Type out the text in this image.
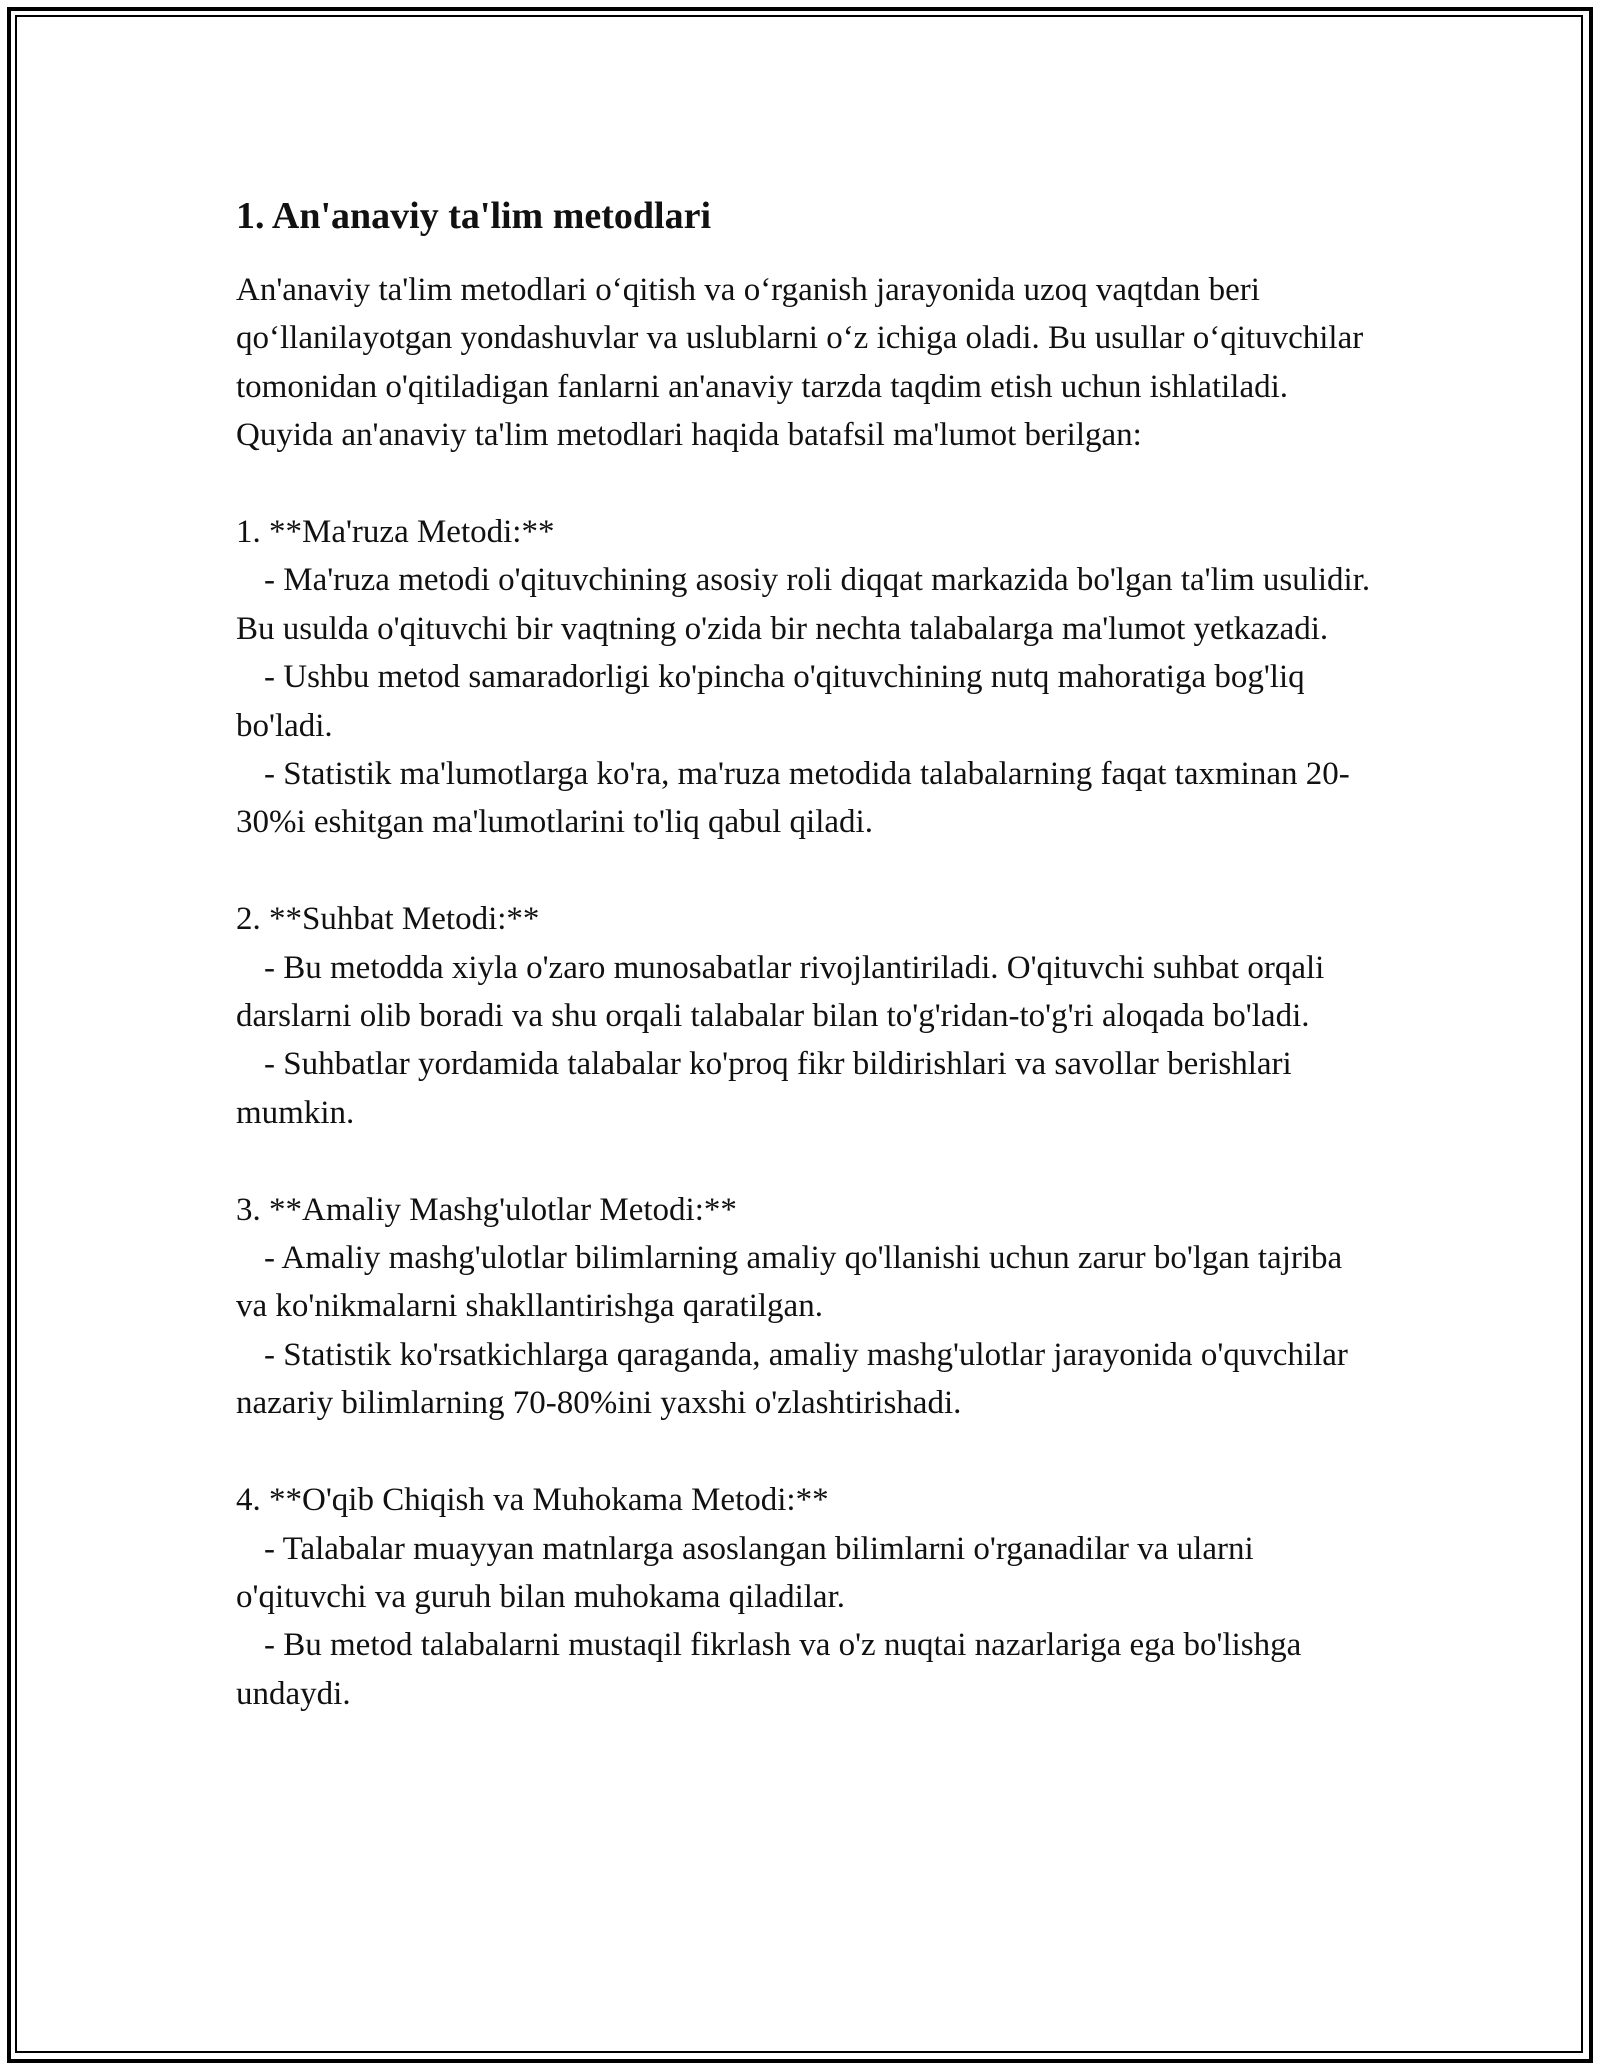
1. An'anaviy ta'lim metodlari

An'anaviy ta'lim metodlari o‘qitish va o‘rganish jarayonida uzoq vaqtdan beri qo‘llanilayotgan yondashuvlar va uslublarni o‘z ichiga oladi. Bu usullar o‘qituvchilar tomonidan o'qitiladigan fanlarni an'anaviy tarzda taqdim etish uchun ishlatiladi. Quyida an'anaviy ta'lim metodlari haqida batafsil ma'lumot berilgan:

1. **Ma'ruza Metodi:**

- Ma'ruza metodi o'qituvchining asosiy roli diqqat markazida bo'lgan ta'lim usulidir. Bu usulda o'qituvchi bir vaqtning o'zida bir nechta talabalarga ma'lumot yetkazadi.

- Ushbu metod samaradorligi ko'pincha o'qituvchining nutq mahoratiga bog'liq bo'ladi.

- Statistik ma'lumotlarga ko'ra, ma'ruza metodida talabalarning faqat taxminan 20-30%i eshitgan ma'lumotlarini to'liq qabul qiladi.

2. **Suhbat Metodi:**

- Bu metodda xiyla o'zaro munosabatlar rivojlantiriladi. O'qituvchi suhbat orqali darslarni olib boradi va shu orqali talabalar bilan to'g'ridan-to'g'ri aloqada bo'ladi.

- Suhbatlar yordamida talabalar ko'proq fikr bildirishlari va savollar berishlari mumkin.

3. **Amaliy Mashg'ulotlar Metodi:**

- Amaliy mashg'ulotlar bilimlarning amaliy qo'llanishi uchun zarur bo'lgan tajriba va ko'nikmalarni shakllantirishga qaratilgan.

- Statistik ko'rsatkichlarga qaraganda, amaliy mashg'ulotlar jarayonida o'quvchilar nazariy bilimlarning 70-80%ini yaxshi o'zlashtirishadi.

4. **O'qib Chiqish va Muhokama Metodi:**

- Talabalar muayyan matnlarga asoslangan bilimlarni o'rganadilar va ularni o'qituvchi va guruh bilan muhokama qiladilar.

- Bu metod talabalarni mustaqil fikrlash va o'z nuqtai nazarlariga ega bo'lishga undaydi.
